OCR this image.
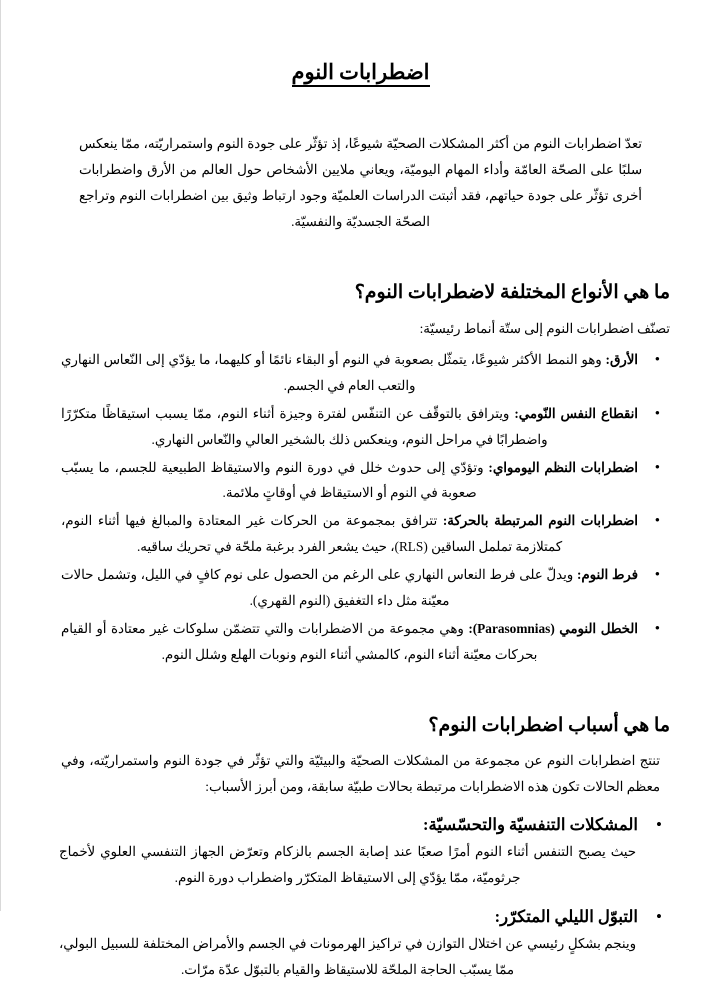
اضطرابات النوم

تعدّ اضطرابات النوم من أكثر المشكلات الصحيّة شيوعًا، إذ تؤثّر على جودة النوم واستمراريّته، ممّا ينعكس سلبًا على الصحّة العامّة وأداء المهام اليوميّة، ويعاني ملايين الأشخاص حول العالم من الأرق واضطرابات أخرى تؤثّر على جودة حياتهم، فقد أثبتت الدراسات العلميّة وجود ارتباط وثيق بين اضطرابات النوم وتراجع الصحّة الجسديّة والنفسيّة.

ما هي الأنواع المختلفة لاضطرابات النوم؟

تصنّف اضطرابات النوم إلى ستّة أنماط رئيسيّة:

• الأرق: وهو النمط الأكثر شيوعًا، يتمثّل بصعوبة في النوم أو البقاء نائمًا أو كليهما، ما يؤدّي إلى النّعاس النهاري والتعب العام في الجسم.
• انقطاع النفس النّومي: ويترافق بالتوقّف عن التنفّس لفترة وجيزة أثناء النوم، ممّا يسبب استيقاظًا متكرّرًا واضطرابًا في مراحل النوم، وينعكس ذلك بالشخير العالي والنّعاس النهاري.
• اضطرابات النظم اليومواي: وتؤدّي إلى حدوث خلل في دورة النوم والاستيقاظ الطبيعية للجسم، ما يسبّب صعوبة في النوم أو الاستيقاظ في أوقاتٍ ملائمة.
• اضطرابات النوم المرتبطة بالحركة: تترافق بمجموعة من الحركات غير المعتادة والمبالغ فيها أثناء النوم، كمتلازمة تململ الساقين (RLS)، حيث يشعر الفرد برغبة ملحّة في تحريك ساقيه.
• فرط النوم: ويدلّ على فرط النعاس النهاري على الرغم من الحصول على نوم كافٍ في الليل، وتشمل حالات معيّنة مثل داء التغفيق (النوم القهري).
• الخطل النومي (Parasomnias): وهي مجموعة من الاضطرابات والتي تتضمّن سلوكات غير معتادة أو القيام بحركات معيّنة أثناء النوم، كالمشي أثناء النوم ونوبات الهلع وشلل النوم.
ما هي أسباب اضطرابات النوم؟

تنتج اضطرابات النوم عن مجموعة من المشكلات الصحيّة والبيئيّة والتي تؤثّر في جودة النوم واستمراريّته، وفي معظم الحالات تكون هذه الاضطرابات مرتبطة بحالات طبيّة سابقة، ومن أبرز الأسباب:

• المشكلات التنفسيّة والتحسّسيّة:
حيث يصبح التنفس أثناء النوم أمرًا صعبًا عند إصابة الجسم بالزكام وتعرّض الجهاز التنفسي العلوي لأخماج جرثوميّة، ممّا يؤدّي إلى الاستيقاظ المتكرّر واضطراب دورة النوم.
• التبوّل الليلي المتكرّر:
وينجم بشكلٍ رئيسي عن اختلال التوازن في تراكيز الهرمونات في الجسم والأمراض المختلفة للسبيل البولي، ممّا يسبّب الحاجة الملحّة للاستيقاظ والقيام بالتبوّل عدّة مرّات.
